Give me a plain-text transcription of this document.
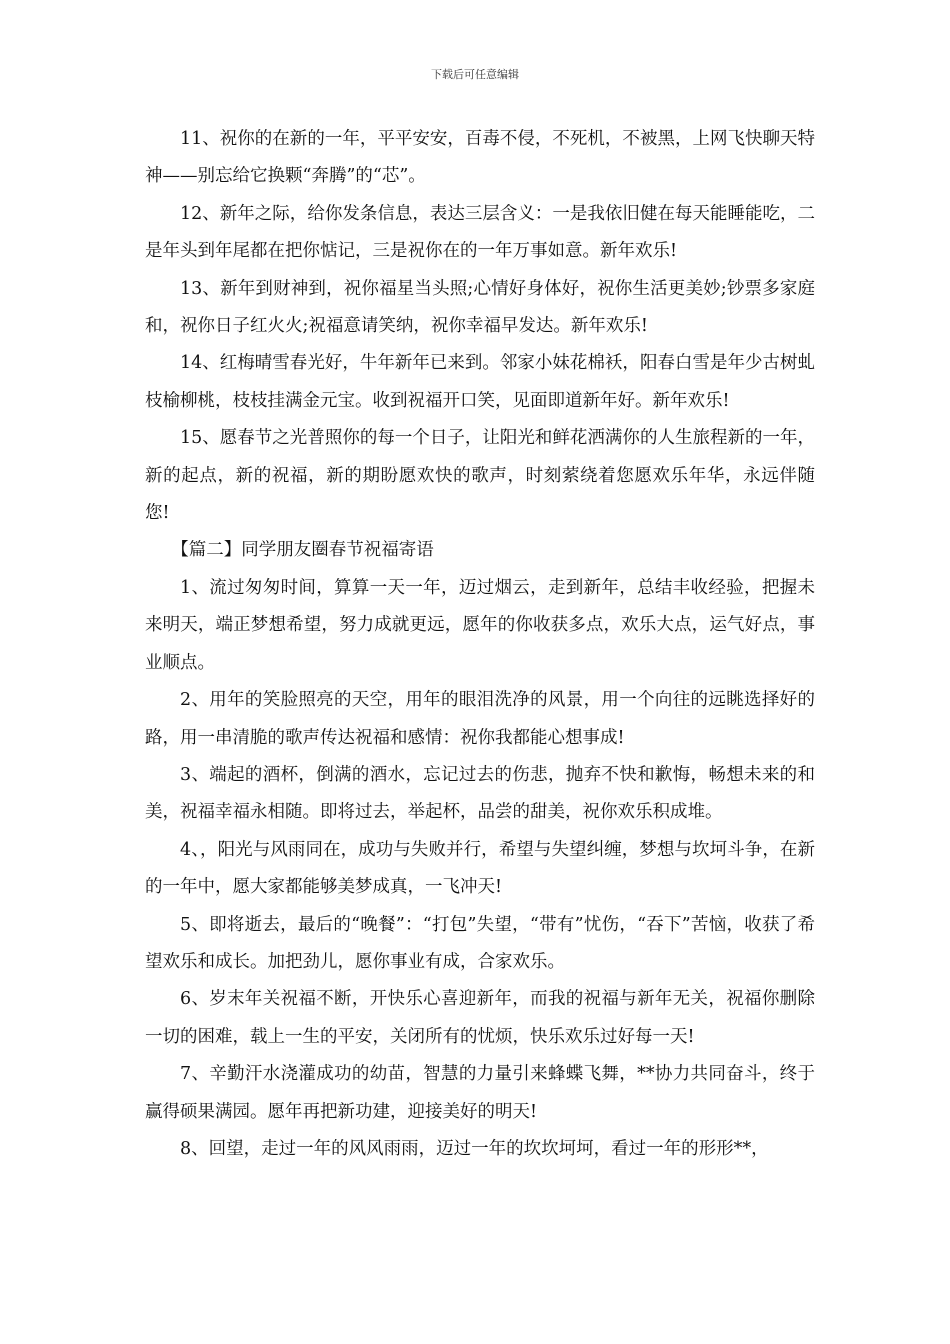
下载后可任意编辑

11、祝你的在新的一年，平平安安，百毒不侵，不死机，不被黑，上网飞快聊天特神——别忘给它换颗“奔腾”的“芯”。

12、新年之际，给你发条信息，表达三层含义：一是我依旧健在每天能睡能吃，二是年头到年尾都在把你惦记，三是祝你在的一年万事如意。新年欢乐!

13、新年到财神到，祝你福星当头照;心情好身体好，祝你生活更美妙;钞票多家庭和，祝你日子红火火;祝福意请笑纳，祝你幸福早发达。新年欢乐!

14、红梅晴雪春光好，牛年新年已来到。邻家小妹花棉袄，阳春白雪是年少古树虬枝榆柳桃，枝枝挂满金元宝。收到祝福开口笑，见面即道新年好。新年欢乐!

15、愿春节之光普照你的每一个日子，让阳光和鲜花洒满你的人生旅程新的一年，新的起点，新的祝福，新的期盼愿欢快的歌声，时刻萦绕着您愿欢乐年华，永远伴随您!

【篇二】同学朋友圈春节祝福寄语

1、流过匆匆时间，算算一天一年，迈过烟云，走到新年，总结丰收经验，把握未来明天，端正梦想希望，努力成就更远，愿年的你收获多点，欢乐大点，运气好点，事业顺点。

2、用年的笑脸照亮的天空，用年的眼泪洗净的风景，用一个向往的远眺选择好的路，用一串清脆的歌声传达祝福和感情：祝你我都能心想事成!

3、端起的酒杯，倒满的酒水，忘记过去的伤悲，抛弃不快和歉悔，畅想未来的和美，祝福幸福永相随。即将过去，举起杯，品尝的甜美，祝你欢乐积成堆。

4、，阳光与风雨同在，成功与失败并行，希望与失望纠缠，梦想与坎坷斗争，在新的一年中，愿大家都能够美梦成真，一飞冲天!

5、即将逝去，最后的“晚餐”：“打包”失望，“带有”忧伤，“吞下”苦恼，收获了希望欢乐和成长。加把劲儿，愿你事业有成，合家欢乐。

6、岁末年关祝福不断，开快乐心喜迎新年，而我的祝福与新年无关，祝福你删除一切的困难，载上一生的平安，关闭所有的忧烦，快乐欢乐过好每一天!

7、辛勤汗水浇灌成功的幼苗，智慧的力量引来蜂蝶飞舞，**协力共同奋斗，终于赢得硕果满园。愿年再把新功建，迎接美好的明天!

8、回望，走过一年的风风雨雨，迈过一年的坎坎坷坷，看过一年的形形**，
